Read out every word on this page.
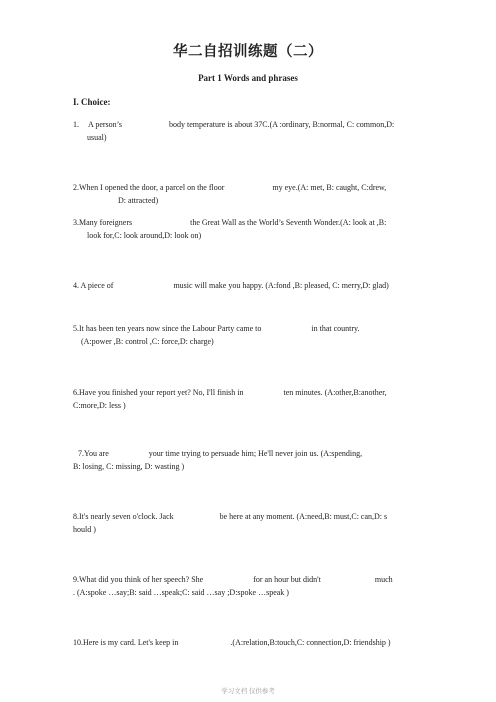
华二自招训练题（二）
Part 1 Words and phrases
I. Choice:
1. A person’s	body temperature is about 37C.(A :ordinary, B:normal, C: common,D:
usual)
2.When I opened the door, a parcel on the floor	my eye.(A: met, B: caught, C:drew,
D: attracted)
3.Many foreigners	the Great Wall as the World’s Seventh Wonder.(A: look at ,B:
look for,C: look around,D: look on)
4. A piece of	music will make you happy. (A:fond ,B: pleased, C: merry,D: glad)
5.It has been ten years now since the Labour Party came to	in that country.
(A:power ,B: control ,C: force,D: charge)
6.Have you finished your report yet? No, I'll finish in	ten minutes. (A:other,B:another,
C:more,D: less )
7.You are	your time trying to persuade him; He'll never join us. (A:spending,
B: losing, C: missing, D: wasting )
8.It's nearly seven o'clock. Jack	be here at any moment. (A:need,B: must,C: can,D: s
hould )
9.What did you think of her speech? She	for an hour but didn't	much
. (A:spoke …say;B: said …speak;C: said …say ;D:spoke …speak )
10.Here is my card. Let's keep in	.(A:relation,B:touch,C: connection,D: friendship )
学习文档 仅供参考
